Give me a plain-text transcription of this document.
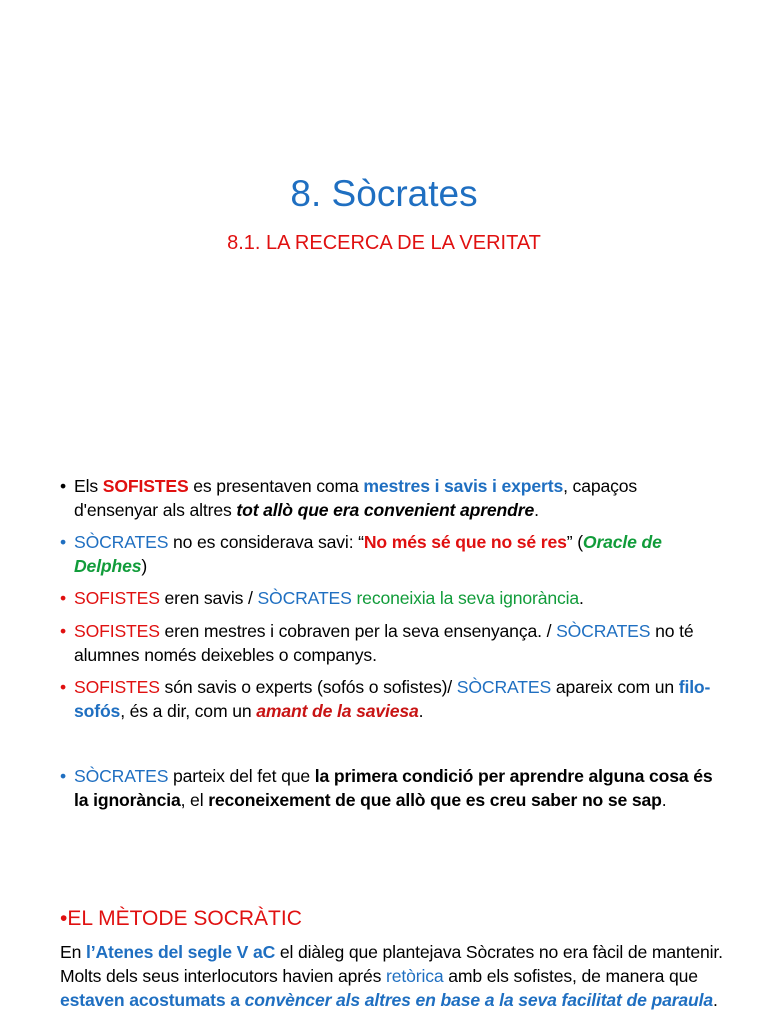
8. Sòcrates
8.1. LA RECERCA DE LA VERITAT
• Els SOFISTES es presentaven coma mestres i savis i experts, capaços d'ensenyar als altres tot allò que era convenient aprendre.
• SÒCRATES no es considerava savi: “No més sé que no sé res” (Oracle de Delphes)
• SOFISTES eren savis / SÒCRATES reconeixia la seva ignorància.
• SOFISTES eren mestres i cobraven per la seva ensenyança. / SÒCRATES no té alumnes només deixebles o companys.
• SOFISTES són savis o experts (sofós o sofistes)/ SÒCRATES apareix com un filo-sofós, és a dir, com un amant de la saviesa.
• SÒCRATES parteix del fet que la primera condició per aprendre alguna cosa és la ignorància, el reconeixement de que allò que es creu saber no se sap.
•EL MÈTODE SOCRÀTIC
En l’Atenes del segle V aC el diàleg que plantejava Sòcrates no era fàcil de mantenir. Molts dels seus interlocutors havien aprés retòrica amb els sofistes, de manera que estaven acostumats a convèncer als altres en base a la seva facilitat de paraula.
